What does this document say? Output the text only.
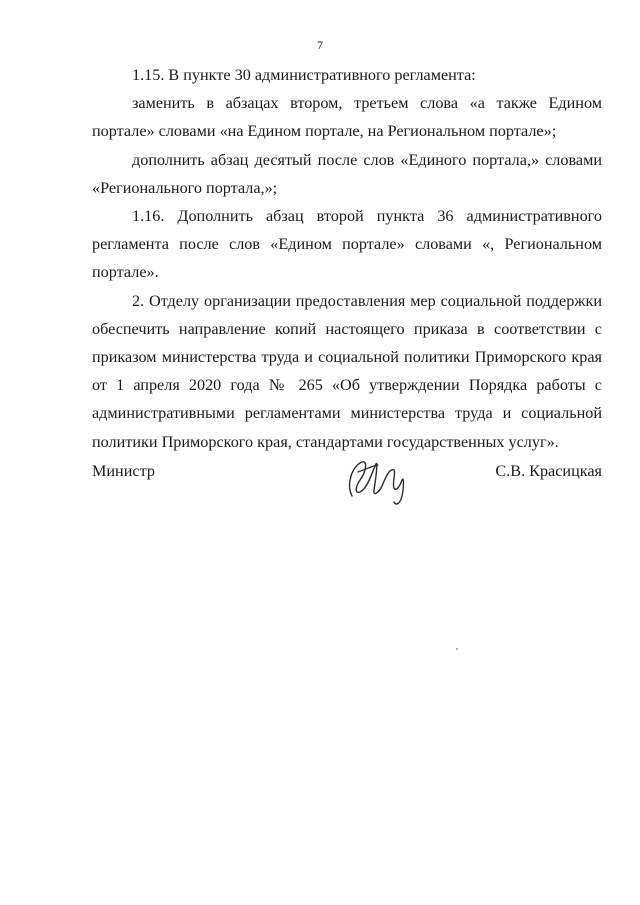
7

1.15. В пункте 30 административного регламента:

заменить в абзацах втором, третьем слова «а также Едином портале» словами «на Едином портале, на Региональном портале»;

дополнить абзац десятый после слов «Единого портала,» словами «Регионального портала,»;

1.16. Дополнить абзац второй пункта 36 административного регламента после слов «Едином портале» словами «, Региональном портале».

2. Отделу организации предоставления мер социальной поддержки обеспечить направление копий настоящего приказа в соответствии с приказом министерства труда и социальной политики Приморского края от 1 апреля 2020 года № 265 «Об утверждении Порядка работы с административными регламентами министерства труда и социальной политики Приморского края, стандартами государственных услуг».

Министр	С.В. Красицкая
